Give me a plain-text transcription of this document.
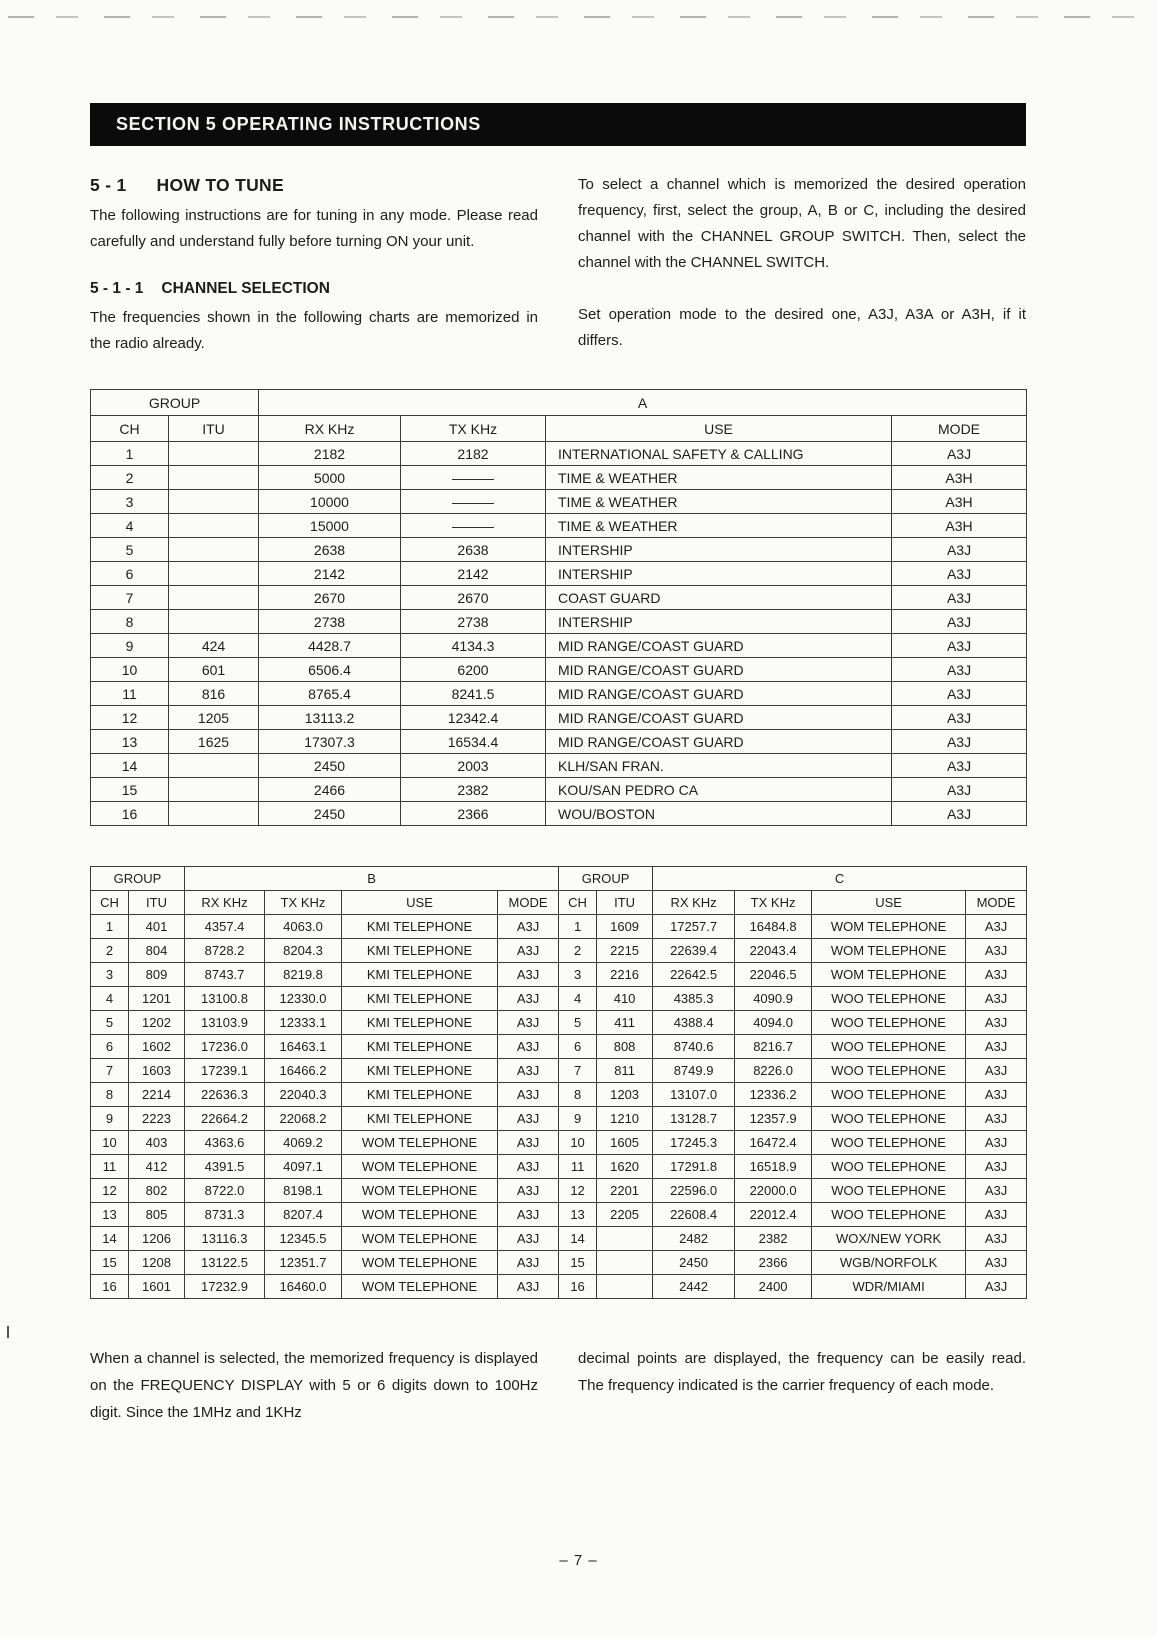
SECTION 5 OPERATING INSTRUCTIONS
5 - 1 HOW TO TUNE

The following instructions are for tuning in any mode. Please read carefully and understand fully before turning ON your unit.

5 - 1 - 1 CHANNEL SELECTION

The frequencies shown in the following charts are memorized in the radio already.

To select a channel which is memorized the desired operation frequency, first, select the group, A, B or C, including the desired channel with the CHANNEL GROUP SWITCH. Then, select the channel with the CHANNEL SWITCH.

Set operation mode to the desired one, A3J, A3A or A3H, if it differs.

GROUP		A			
CH	ITU	RX KHz	TX KHz	USE	MODE
1		2182	2182	INTERNATIONAL SAFETY & CALLING	A3J
2		5000	———	TIME & WEATHER	A3H
3		10000	———	TIME & WEATHER	A3H
4		15000	———	TIME & WEATHER	A3H
5		2638	2638	INTERSHIP	A3J
6		2142	2142	INTERSHIP	A3J
7		2670	2670	COAST GUARD	A3J
8		2738	2738	INTERSHIP	A3J
9	424	4428.7	4134.3	MID RANGE/COAST GUARD	A3J
10	601	6506.4	6200	MID RANGE/COAST GUARD	A3J
11	816	8765.4	8241.5	MID RANGE/COAST GUARD	A3J
12	1205	13113.2	12342.4	MID RANGE/COAST GUARD	A3J
13	1625	17307.3	16534.4	MID RANGE/COAST GUARD	A3J
14		2450	2003	KLH/SAN FRAN.	A3J
15		2466	2382	KOU/SAN PEDRO CA	A3J
16		2450	2366	WOU/BOSTON	A3J
GROUP		B			
CH	ITU	RX KHz	TX KHz	USE	MODE
1	401	4357.4	4063.0	KMI TELEPHONE	A3J
2	804	8728.2	8204.3	KMI TELEPHONE	A3J
3	809	8743.7	8219.8	KMI TELEPHONE	A3J
4	1201	13100.8	12330.0	KMI TELEPHONE	A3J
5	1202	13103.9	12333.1	KMI TELEPHONE	A3J
6	1602	17236.0	16463.1	KMI TELEPHONE	A3J
7	1603	17239.1	16466.2	KMI TELEPHONE	A3J
8	2214	22636.3	22040.3	KMI TELEPHONE	A3J
9	2223	22664.2	22068.2	KMI TELEPHONE	A3J
10	403	4363.6	4069.2	WOM TELEPHONE	A3J
11	412	4391.5	4097.1	WOM TELEPHONE	A3J
12	802	8722.0	8198.1	WOM TELEPHONE	A3J
13	805	8731.3	8207.4	WOM TELEPHONE	A3J
14	1206	13116.3	12345.5	WOM TELEPHONE	A3J
15	1208	13122.5	12351.7	WOM TELEPHONE	A3J
16	1601	17232.9	16460.0	WOM TELEPHONE	A3J
GROUP		C			
CH	ITU	RX KHz	TX KHz	USE	MODE
1	1609	17257.7	16484.8	WOM TELEPHONE	A3J
2	2215	22639.4	22043.4	WOM TELEPHONE	A3J
3	2216	22642.5	22046.5	WOM TELEPHONE	A3J
4	410	4385.3	4090.9	WOO TELEPHONE	A3J
5	411	4388.4	4094.0	WOO TELEPHONE	A3J
6	808	8740.6	8216.7	WOO TELEPHONE	A3J
7	811	8749.9	8226.0	WOO TELEPHONE	A3J
8	1203	13107.0	12336.2	WOO TELEPHONE	A3J
9	1210	13128.7	12357.9	WOO TELEPHONE	A3J
10	1605	17245.3	16472.4	WOO TELEPHONE	A3J
11	1620	17291.8	16518.9	WOO TELEPHONE	A3J
12	2201	22596.0	22000.0	WOO TELEPHONE	A3J
13	2205	22608.4	22012.4	WOO TELEPHONE	A3J
14		2482	2382	WOX/NEW YORK	A3J
15		2450	2366	WGB/NORFOLK	A3J
16		2442	2400	WDR/MIAMI	A3J

When a channel is selected, the memorized frequency is displayed on the FREQUENCY DISPLAY with 5 or 6 digits down to 100Hz digit. Since the 1MHz and 1KHz

decimal points are displayed, the frequency can be easily read. The frequency indicated is the carrier frequency of each mode.

– 7 –
